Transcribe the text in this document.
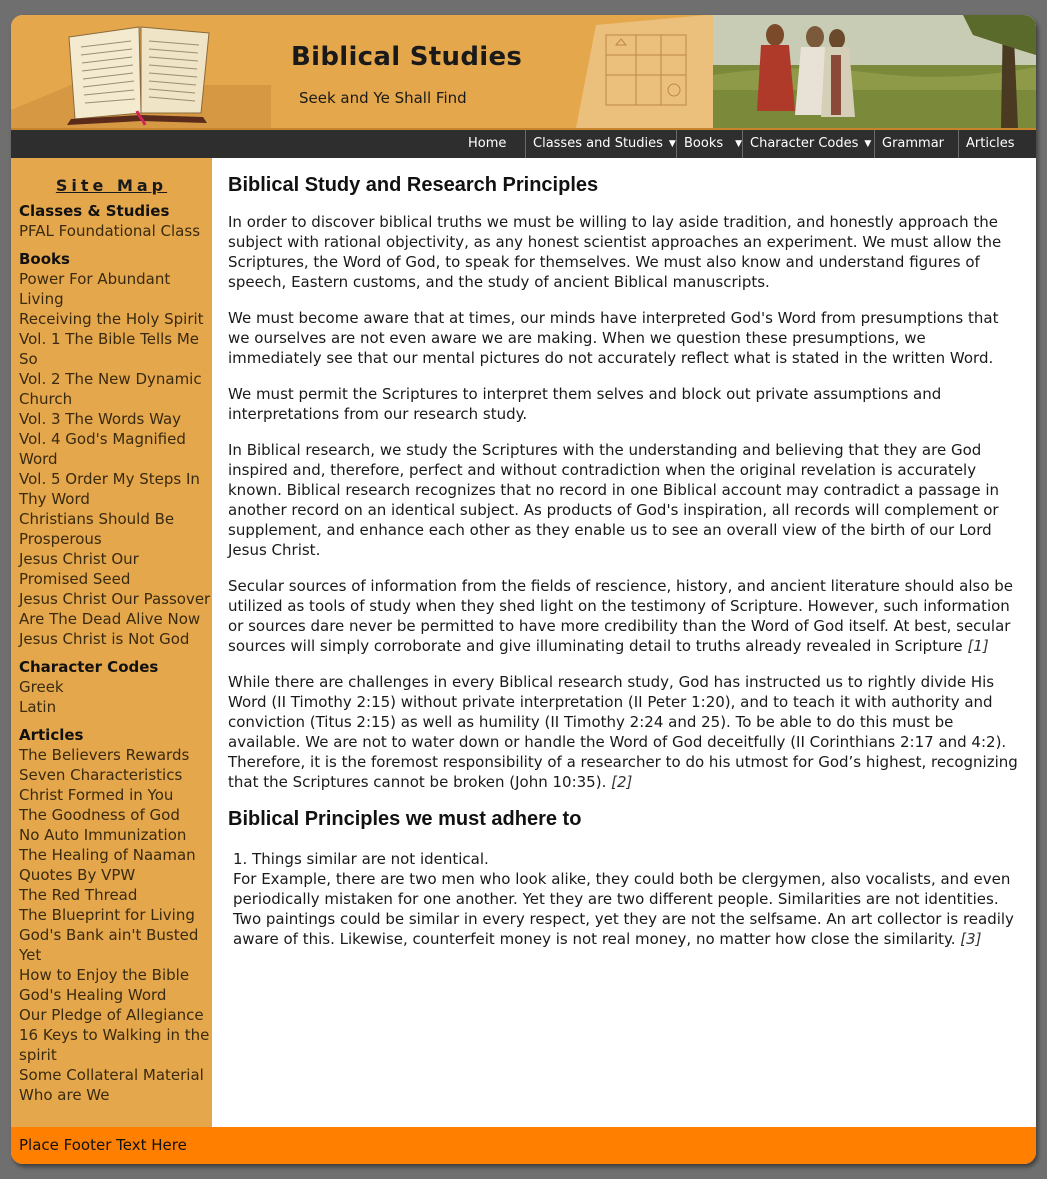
Biblical Studies
Seek and Ye Shall Find
Home	Classes and Studies ▼ Books ▼ Character Codes ▼ Grammar	Articles
Site Map
Classes & Studies
PFAL Foundational Class
Books
Power For Abundant Living
Receiving the Holy Spirit
Vol. 1 The Bible Tells Me So
Vol. 2 The New Dynamic Church
Vol. 3 The Words Way
Vol. 4 God's Magnified Word
Vol. 5 Order My Steps In Thy Word
Christians Should Be Prosperous
Jesus Christ Our Promised Seed
Jesus Christ Our Passover
Are The Dead Alive Now
Jesus Christ is Not God
Character Codes
Greek
Latin
Articles
The Believers Rewards
Seven Characteristics
Christ Formed in You
The Goodness of God
No Auto Immunization
The Healing of Naaman
Quotes By VPW
The Red Thread
The Blueprint for Living
God's Bank ain't Busted Yet
How to Enjoy the Bible
God's Healing Word
Our Pledge of Allegiance
16 Keys to Walking in the spirit
Some Collateral Material
Who are We
Biblical Study and Research Principles

In order to discover biblical truths we must be willing to lay aside tradition, and honestly approach the subject with rational objectivity, as any honest scientist approaches an experiment. We must allow the Scriptures, the Word of God, to speak for themselves. We must also know and understand figures of speech, Eastern customs, and the study of ancient Biblical manuscripts.

We must become aware that at times, our minds have interpreted God's Word from presumptions that we ourselves are not even aware we are making. When we question these presumptions, we immediately see that our mental pictures do not accurately reflect what is stated in the written Word.

We must permit the Scriptures to interpret them selves and block out private assumptions and interpretations from our research study.

In Biblical research, we study the Scriptures with the understanding and believing that they are God inspired and, therefore, perfect and without contradiction when the original revelation is accurately known. Biblical research recognizes that no record in one Biblical account may contradict a passage in another record on an identical subject. As products of God's inspiration, all records will complement or supplement, and enhance each other as they enable us to see an overall view of the birth of our Lord Jesus Christ.

Secular sources of information from the fields of rescience, history, and ancient literature should also be utilized as tools of study when they shed light on the testimony of Scripture. However, such information or sources dare never be permitted to have more credibility than the Word of God itself. At best, secular sources will simply corroborate and give illuminating detail to truths already revealed in Scripture [1]

While there are challenges in every Biblical research study, God has instructed us to rightly divide His Word (II Timothy 2:15) without private interpretation (II Peter 1:20), and to teach it with authority and conviction (Titus 2:15) as well as humility (II Timothy 2:24 and 25). To be able to do this must be available. We are not to water down or handle the Word of God deceitfully (II Corinthians 2:17 and 4:2). Therefore, it is the foremost responsibility of a researcher to do his utmost for God’s highest, recognizing that the Scriptures cannot be broken (John 10:35). [2]

Biblical Principles we must adhere to
1. Things similar are not identical.
For Example, there are two men who look alike, they could both be clergymen, also vocalists, and even periodically mistaken for one another. Yet they are two different people. Similarities are not identities. Two paintings could be similar in every respect, yet they are not the selfsame. An art collector is readily aware of this. Likewise, counterfeit money is not real money, no matter how close the similarity. [3]
Place Footer Text Here
